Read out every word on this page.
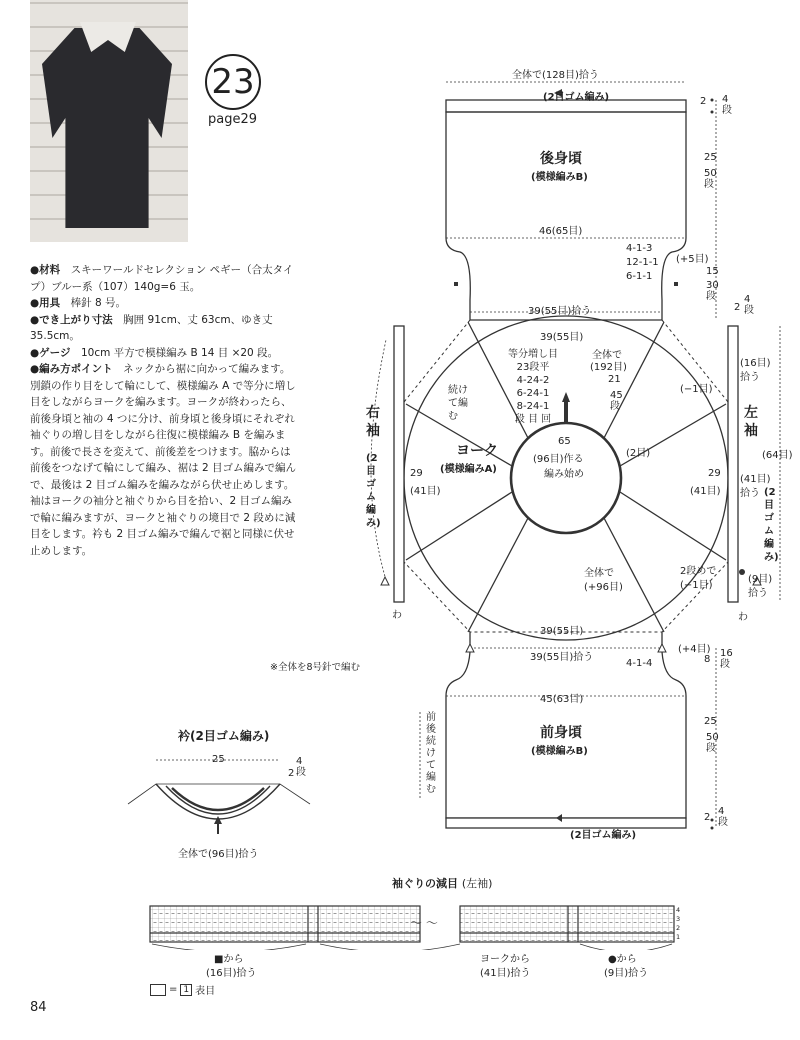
23
page29

●材料　 スキーワールドセレクション ペギー（合太タイプ）ブルー系（107）140g=6 玉。

●用具　 棒針 8 号。

●でき上がり寸法　 胸囲 91cm、丈 63cm、ゆき丈 35.5cm。

●ゲージ　 10cm 平方で模様編み B 14 目 ×20 段。

●編み方ポイント　 ネックから裾に向かって編みます。別鎖の作り目をして輪にして、模様編み A で等分に増し目をしながらヨークを編みます。ヨークが終わったら、前後身頃と袖の 4 つに分け、前身頃と後身頃にそれぞれ袖ぐりの増し目をしながら往復に模様編み B を編みます。前後で長さを変えて、前後差をつけます。脇からは前後をつなげて輪にして編み、裾は 2 目ゴム編みで編んで、最後は 2 目ゴム編みを編みながら伏せ止めします。袖はヨークの袖分と袖ぐりから目を拾い、2 目ゴム編みで輪に編みますが、ヨークと袖ぐりの境目で 2 段めに減目をします。衿も 2 目ゴム編みで編んで裾と同様に伏せ止めします。

※全体を8号針で編む
全体で(128目)拾う
(2目ゴム編み)
後身頃
(模様編みB)
46(65目)
4-1-3
12-1-1
6-1-1
(+5目)
2 4段
25
50段
15
30段
39(55目)拾う
39(55目)
等分増し目
23段平
4-24-2
6-24-1
8-24-1
段 目 回
全体で
(192目)
21
45段
続けて編む
ヨーク
(模様編みA)
65
(96目)作る
編み始め
(2目)
(−1目)
29
(41目)
29
(41目)
全体で
(+96目)
2段めで
(−1目)
39(55目)
右袖
(2目ゴム編み)
左袖
(2目ゴム編み)
2
4段
(16目)
拾う
(64目)
(41目)
拾う
(9目)
拾う
わ	わ
39(55目)拾う
(+4目)
4-1-4	8
16段
45(63目)
前身頃
(模様編みB)
前後続けて編む
25
50段
2
4段
(2目ゴム編み)
衿(2目ゴム編み)
25
2
4段
全体で(96目)拾う
袖ぐりの減目 (左袖)
4
3
2
1
〜 〜
■から
(16目)拾う
ヨークから
(41目)拾う
●から
(9目)拾う
= 1 表目
84
